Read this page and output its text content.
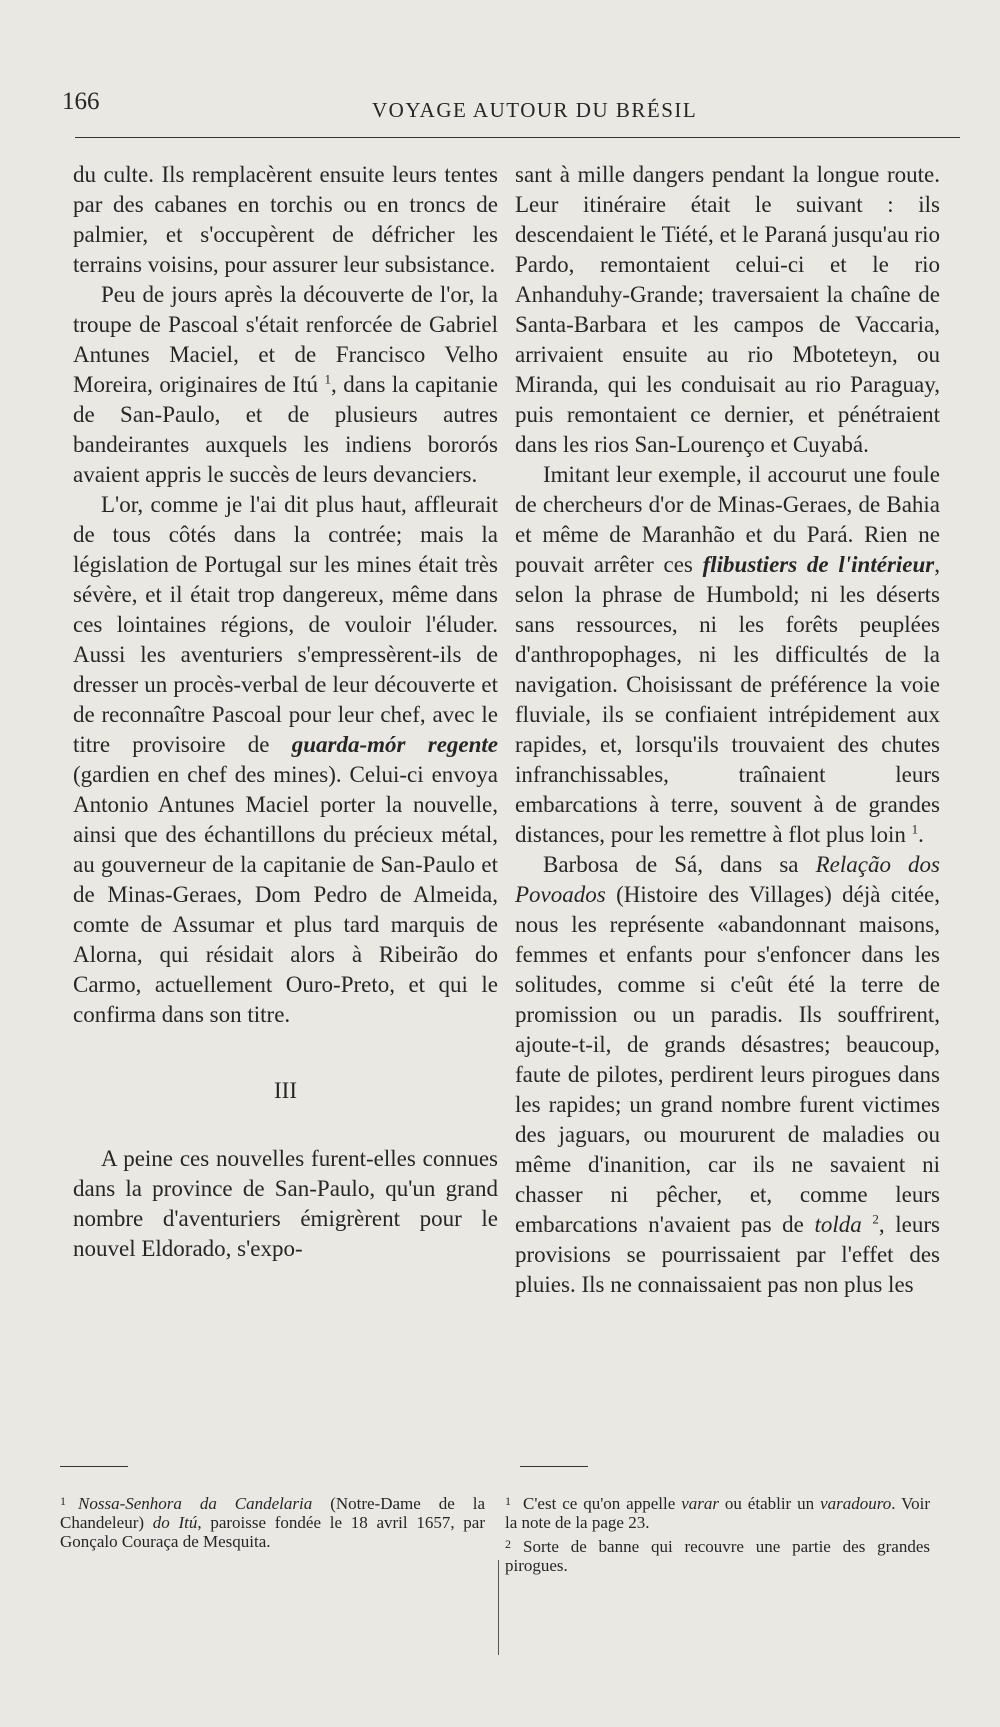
166	VOYAGE AUTOUR DU BRÉSIL

du culte. Ils remplacèrent ensuite leurs tentes par des cabanes en torchis ou en troncs de palmier, et s'occupèrent de défricher les terrains voisins, pour assurer leur subsistance.

Peu de jours après la découverte de l'or, la troupe de Pascoal s'était renforcée de Gabriel Antunes Maciel, et de Francisco Velho Moreira, originaires de Itú $^1$, dans la capitanie de San-Paulo, et de plusieurs autres bandeirantes auxquels les indiens bororós avaient appris le succès de leurs devanciers.

L'or, comme je l'ai dit plus haut, affleurait de tous côtés dans la contrée; mais la législation de Portugal sur les mines était très sévère, et il était trop dangereux, même dans ces lointaines régions, de vouloir l'éluder. Aussi les aventuriers s'empressèrent-ils de dresser un procès-verbal de leur découverte et de reconnaître Pascoal pour leur chef, avec le titre provisoire de guarda-mór regente (gardien en chef des mines). Celui-ci envoya Antonio Antunes Maciel porter la nouvelle, ainsi que des échantillons du précieux métal, au gouverneur de la capitanie de San-Paulo et de Minas-Geraes, Dom Pedro de Almeida, comte de Assumar et plus tard marquis de Alorna, qui résidait alors à Ribeirão do Carmo, actuellement Ouro-Preto, et qui le confirma dans son titre.

III

A peine ces nouvelles furent-elles connues dans la province de San-Paulo, qu'un grand nombre d'aventuriers émigrèrent pour le nouvel Eldorado, s'expo-

sant à mille dangers pendant la longue route. Leur itinéraire était le suivant : ils descendaient le Tiété, et le Paraná jusqu'au rio Pardo, remontaient celui-ci et le rio Anhanduhy-Grande; traversaient la chaîne de Santa-Barbara et les campos de Vaccaria, arrivaient ensuite au rio Mboteteyn, ou Miranda, qui les conduisait au rio Paraguay, puis remontaient ce dernier, et pénétraient dans les rios San-Lourenço et Cuyabá.

Imitant leur exemple, il accourut une foule de chercheurs d'or de Minas-Geraes, de Bahia et même de Maranhão et du Pará. Rien ne pouvait arrêter ces flibustiers de l'intérieur, selon la phrase de Humbold; ni les déserts sans ressources, ni les forêts peuplées d'anthropophages, ni les difficultés de la navigation. Choisissant de préférence la voie fluviale, ils se confiaient intrépidement aux rapides, et, lorsqu'ils trouvaient des chutes infranchissables, traînaient leurs embarcations à terre, souvent à de grandes distances, pour les remettre à flot plus loin $^1$.

Barbosa de Sá, dans sa Relação dos Povoados (Histoire des Villages) déjà citée, nous les représente «abandonnant maisons, femmes et enfants pour s'enfoncer dans les solitudes, comme si c'eût été la terre de promission ou un paradis. Ils souffrirent, ajoute-t-il, de grands désastres; beaucoup, faute de pilotes, perdirent leurs pirogues dans les rapides; un grand nombre furent victimes des jaguars, ou moururent de maladies ou même d'inanition, car ils ne savaient ni chasser ni pêcher, et, comme leurs embarcations n'avaient pas de tolda $^2$, leurs provisions se pourrissaient par l'effet des pluies. Ils ne connaissaient pas non plus les

$^1$ Nossa-Senhora da Candelaria (Notre-Dame de la Chandeleur) do Itú, paroisse fondée le 18 avril 1657, par Gonçalo Couraça de Mesquita.

$^1$ C'est ce qu'on appelle varar ou établir un varadouro. Voir la note de la page 23.

$^2$ Sorte de banne qui recouvre une partie des grandes pirogues.
